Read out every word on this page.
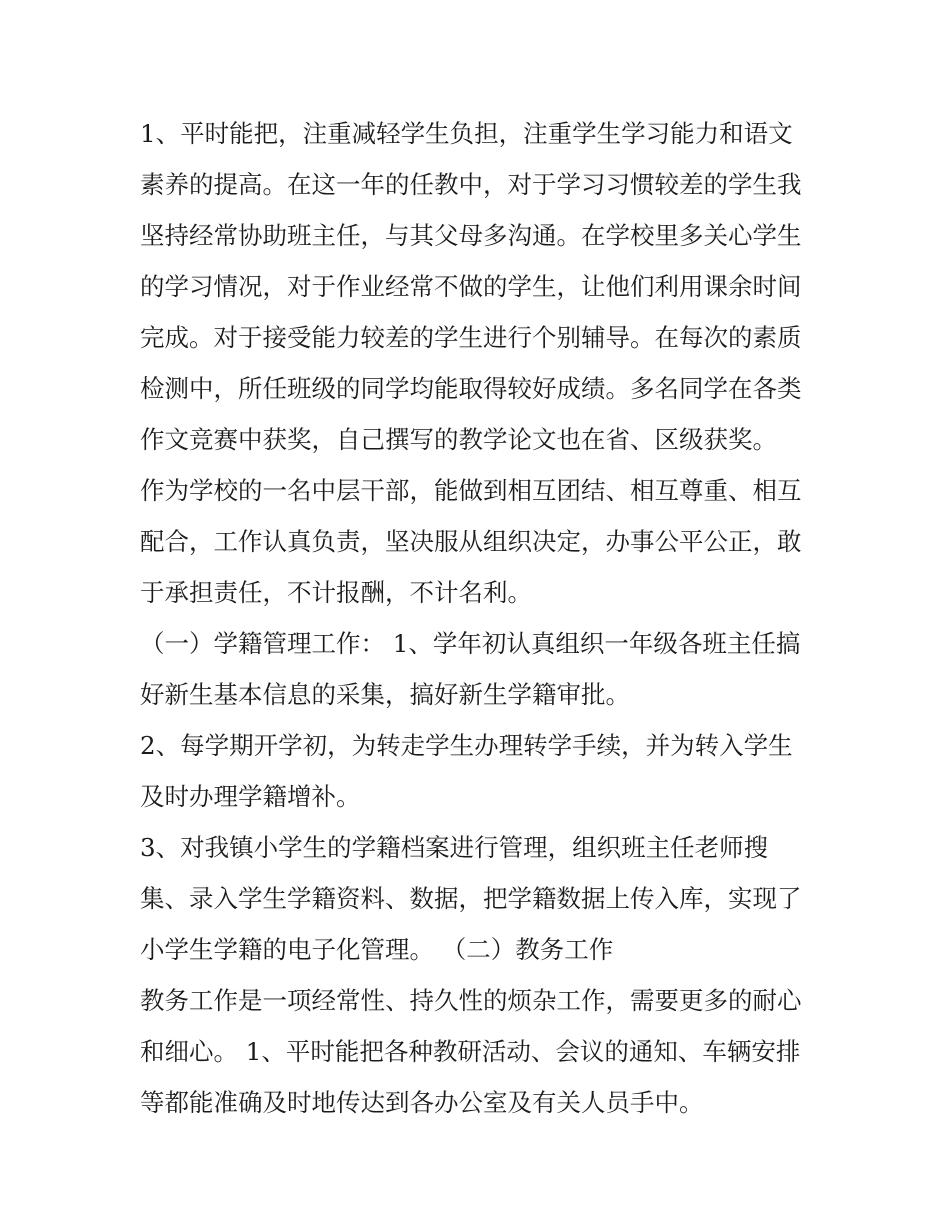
1、平时能把，注重减轻学生负担，注重学生学习能力和语文
素养的提高。在这一年的任教中，对于学习习惯较差的学生我
坚持经常协助班主任，与其父母多沟通。在学校里多关心学生
的学习情况，对于作业经常不做的学生，让他们利用课余时间
完成。对于接受能力较差的学生进行个别辅导。在每次的素质
检测中，所任班级的同学均能取得较好成绩。多名同学在各类
作文竞赛中获奖，自己撰写的教学论文也在省、区级获奖。
作为学校的一名中层干部，能做到相互团结、相互尊重、相互
配合，工作认真负责，坚决服从组织决定，办事公平公正，敢
于承担责任，不计报酬，不计名利。
（一）学籍管理工作： 1、学年初认真组织一年级各班主任搞
好新生基本信息的采集，搞好新生学籍审批。
2、每学期开学初，为转走学生办理转学手续，并为转入学生
及时办理学籍增补。
3、对我镇小学生的学籍档案进行管理，组织班主任老师搜
集、录入学生学籍资料、数据，把学籍数据上传入库，实现了
小学生学籍的电子化管理。 （二）教务工作
教务工作是一项经常性、持久性的烦杂工作，需要更多的耐心
和细心。 1、平时能把各种教研活动、会议的通知、车辆安排
等都能准确及时地传达到各办公室及有关人员手中。
